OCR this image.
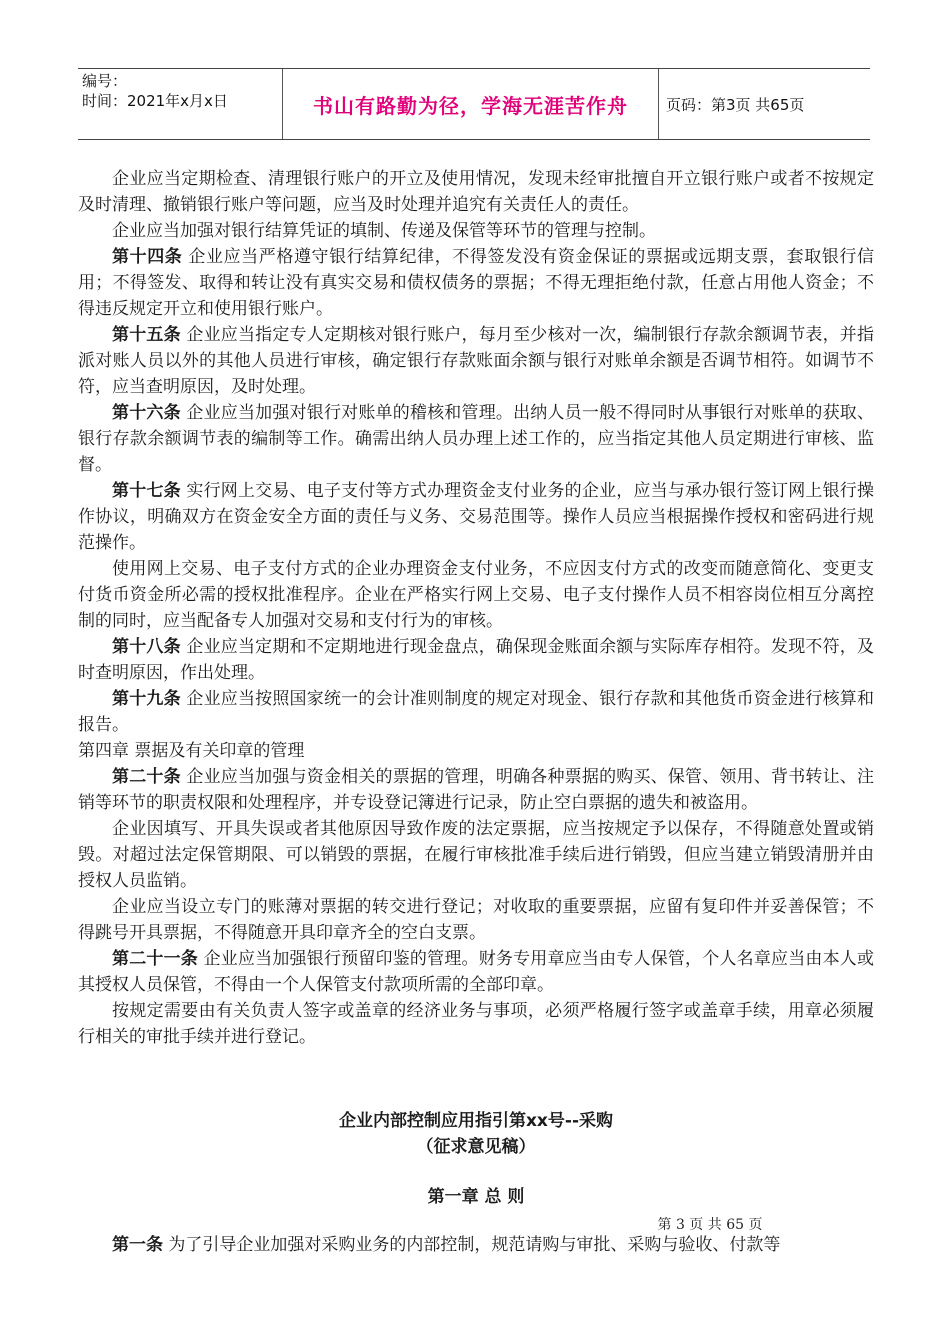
编号：
时间：2021年x月x日	书山有路勤为径，学海无涯苦作舟	页码：第3页 共65页

企业应当定期检查、清理银行账户的开立及使用情况，发现未经审批擅自开立银行账户或者不按规定及时清理、撤销银行账户等问题，应当及时处理并追究有关责任人的责任。

企业应当加强对银行结算凭证的填制、传递及保管等环节的管理与控制。

第十四条 企业应当严格遵守银行结算纪律，不得签发没有资金保证的票据或远期支票，套取银行信用；不得签发、取得和转让没有真实交易和债权债务的票据；不得无理拒绝付款，任意占用他人资金；不得违反规定开立和使用银行账户。

第十五条 企业应当指定专人定期核对银行账户，每月至少核对一次，编制银行存款余额调节表，并指派对账人员以外的其他人员进行审核，确定银行存款账面余额与银行对账单余额是否调节相符。如调节不符，应当查明原因，及时处理。

第十六条 企业应当加强对银行对账单的稽核和管理。出纳人员一般不得同时从事银行对账单的获取、银行存款余额调节表的编制等工作。确需出纳人员办理上述工作的，应当指定其他人员定期进行审核、监督。

第十七条 实行网上交易、电子支付等方式办理资金支付业务的企业，应当与承办银行签订网上银行操作协议，明确双方在资金安全方面的责任与义务、交易范围等。操作人员应当根据操作授权和密码进行规范操作。

使用网上交易、电子支付方式的企业办理资金支付业务，不应因支付方式的改变而随意简化、变更支付货币资金所必需的授权批准程序。企业在严格实行网上交易、电子支付操作人员不相容岗位相互分离控制的同时，应当配备专人加强对交易和支付行为的审核。

第十八条 企业应当定期和不定期地进行现金盘点，确保现金账面余额与实际库存相符。发现不符，及时查明原因，作出处理。

第十九条 企业应当按照国家统一的会计准则制度的规定对现金、银行存款和其他货币资金进行核算和报告。

第四章 票据及有关印章的管理

第二十条 企业应当加强与资金相关的票据的管理，明确各种票据的购买、保管、领用、背书转让、注销等环节的职责权限和处理程序，并专设登记簿进行记录，防止空白票据的遗失和被盗用。

企业因填写、开具失误或者其他原因导致作废的法定票据，应当按规定予以保存，不得随意处置或销毁。对超过法定保管期限、可以销毁的票据，在履行审核批准手续后进行销毁，但应当建立销毁清册并由授权人员监销。

企业应当设立专门的账薄对票据的转交进行登记；对收取的重要票据，应留有复印件并妥善保管；不得跳号开具票据，不得随意开具印章齐全的空白支票。

第二十一条 企业应当加强银行预留印鉴的管理。财务专用章应当由专人保管，个人名章应当由本人或其授权人员保管，不得由一个人保管支付款项所需的全部印章。

按规定需要由有关负责人签字或盖章的经济业务与事项，必须严格履行签字或盖章手续，用章必须履行相关的审批手续并进行登记。

企业内部控制应用指引第xx号--采购

（征求意见稿）

第一章 总 则

第一条 为了引导企业加强对采购业务的内部控制，规范请购与审批、采购与验收、付款等

第 3 页 共 65 页
